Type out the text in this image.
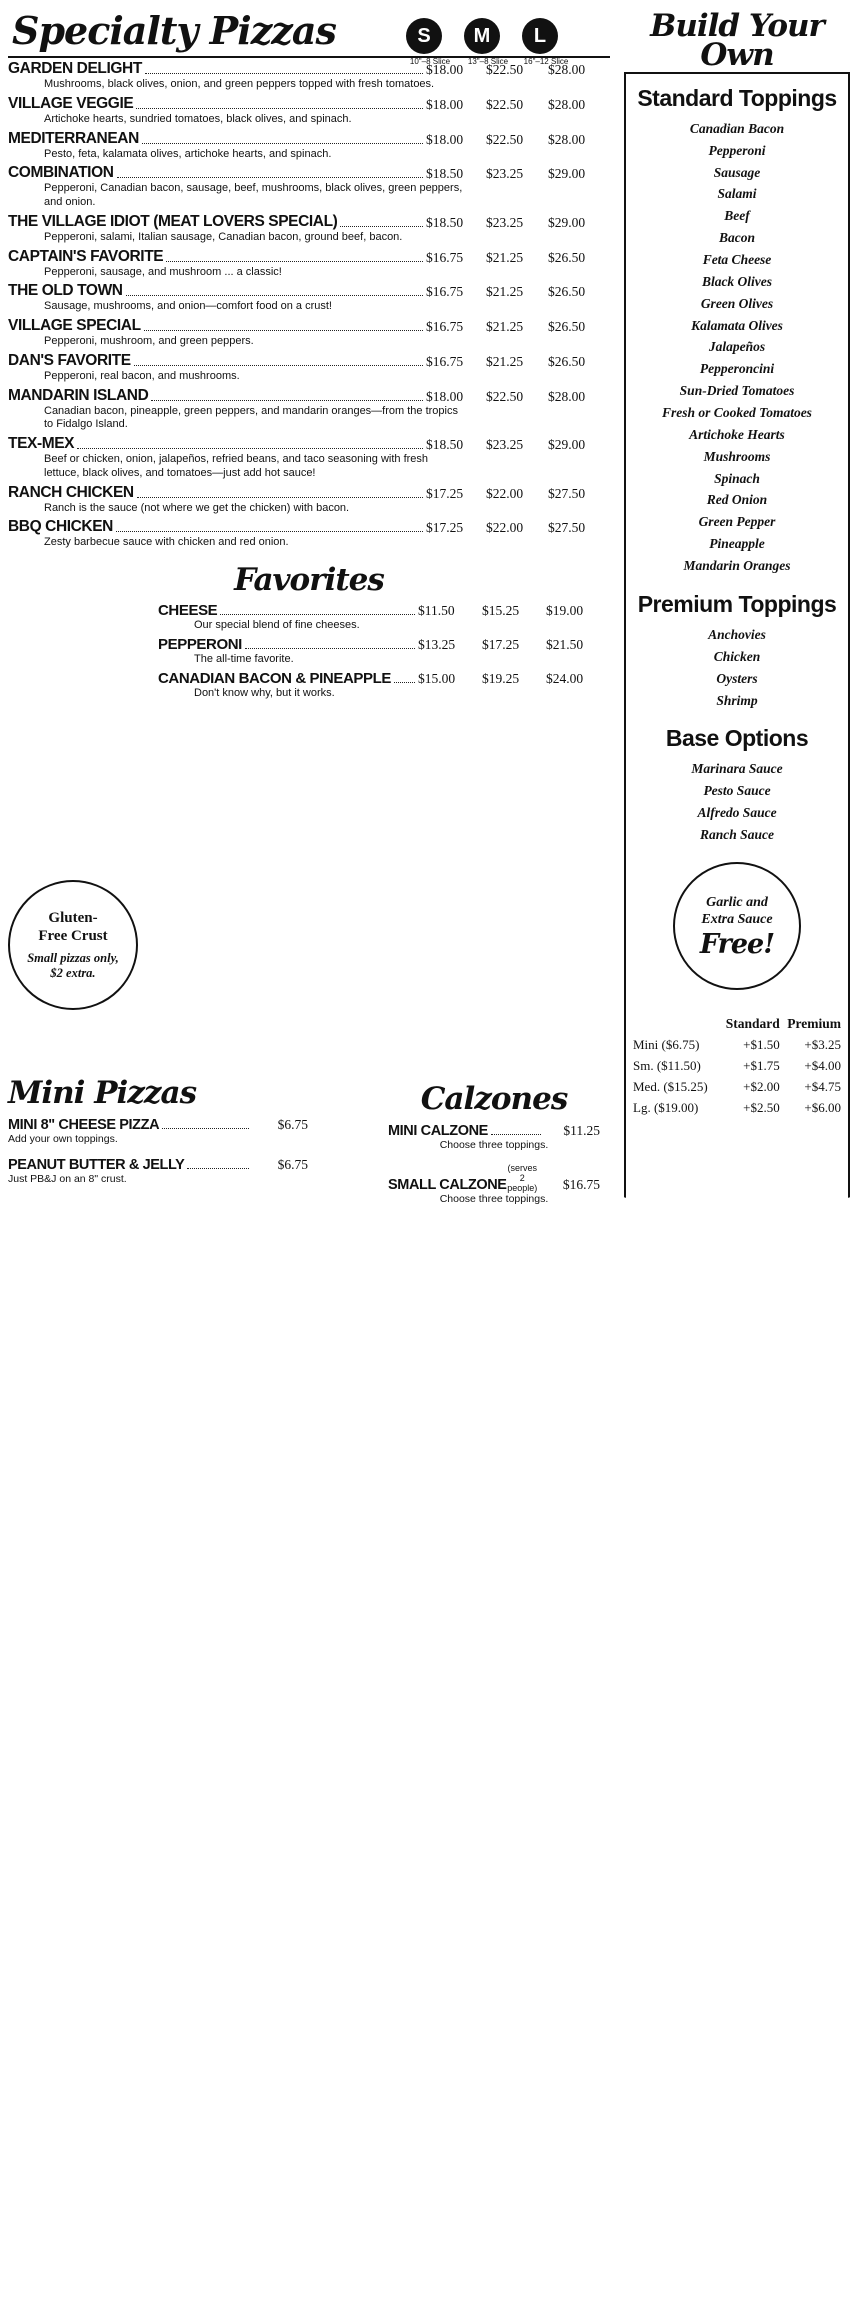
Specialty Pizzas	S	M	L
10"–8 Slice	13"–8 Slice	16"–12 Slice
GARDEN DELIGHT	$18.00	$22.50	$28.00

Mushrooms, black olives, onion, and green peppers topped with fresh tomatoes.

VILLAGE VEGGIE	$18.00	$22.50	$28.00

Artichoke hearts, sundried tomatoes, black olives, and spinach.

MEDITERRANEAN	$18.00	$22.50	$28.00

Pesto, feta, kalamata olives, artichoke hearts, and spinach.

COMBINATION	$18.50	$23.25	$29.00

Pepperoni, Canadian bacon, sausage, beef, mushrooms, black olives, green peppers, and onion.

THE VILLAGE IDIOT (MEAT LOVERS SPECIAL)	$18.50	$23.25	$29.00

Pepperoni, salami, Italian sausage, Canadian bacon, ground beef, bacon.

CAPTAIN'S FAVORITE	$16.75	$21.25	$26.50

Pepperoni, sausage, and mushroom ... a classic!

THE OLD TOWN	$16.75	$21.25	$26.50

Sausage, mushrooms, and onion—comfort food on a crust!

VILLAGE SPECIAL	$16.75	$21.25	$26.50

Pepperoni, mushroom, and green peppers.

DAN'S FAVORITE	$16.75	$21.25	$26.50

Pepperoni, real bacon, and mushrooms.

MANDARIN ISLAND	$18.00	$22.50	$28.00

Canadian bacon, pineapple, green peppers, and mandarin oranges—from the tropics to Fidalgo Island.

TEX-MEX	$18.50	$23.25	$29.00

Beef or chicken, onion, jalapeños, refried beans, and taco seasoning with fresh lettuce, black olives, and tomatoes—just add hot sauce!

RANCH CHICKEN	$17.25	$22.00	$27.50

Ranch is the sauce (not where we get the chicken) with bacon.

BBQ CHICKEN	$17.25	$22.00	$27.50

Zesty barbecue sauce with chicken and red onion.

Favorites
CHEESE	$11.50	$15.25	$19.00

Our special blend of fine cheeses.

PEPPERONI	$13.25	$17.25	$21.50

The all-time favorite.

CANADIAN BACON & PINEAPPLE $15.00	$19.25	$24.00

Don't know why, but it works.

Mini Pizzas
MINI 8" CHEESE PIZZA	$6.75

Add your own toppings.

PEANUT BUTTER & JELLY	$6.75

Just PB&J on an 8" crust.

Calzones
MINI CALZONE	$11.25

Choose three toppings.

SMALL CALZONE
(serves 2 people)	$16.75

Choose three toppings.

Gluten-
Free Crust
Small pizzas only,
$2 extra.
Build Your
Own
Standard Toppings
Canadian Bacon
Pepperoni
Sausage
Salami
Beef
Bacon
Feta Cheese
Black Olives
Green Olives
Kalamata Olives
Jalapeños
Pepperoncini
Sun-Dried Tomatoes
Fresh or Cooked Tomatoes
Artichoke Hearts
Mushrooms
Spinach
Red Onion
Green Pepper
Pineapple
Mandarin Oranges
Premium Toppings
Anchovies
Chicken
Oysters
Shrimp
Base Options
Marinara Sauce
Pesto Sauce
Alfredo Sauce
Ranch Sauce
Garlic and
Extra Sauce
Free!
	Standard	Premium
Mini ($6.75)	+$1.50	+$3.25
Sm. ($11.50)	+$1.75	+$4.00
Med. ($15.25)	+$2.00	+$4.75
Lg. ($19.00)	+$2.50	+$6.00
